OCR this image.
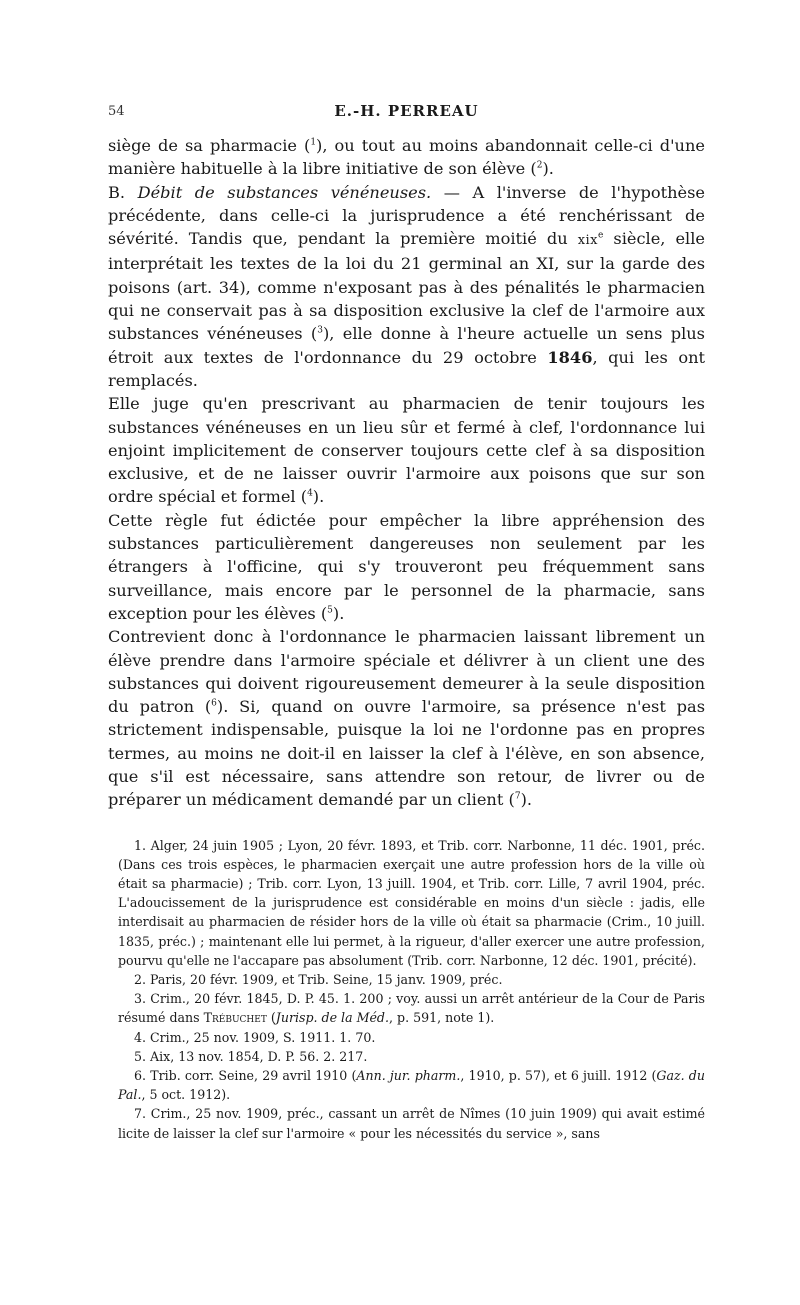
54	E.-H. PERREAU

siège de sa pharmacie ($^1$), ou tout au moins abandonnait celle-ci d'une manière habituelle à la libre initiative de son élève ($^2$).

B. Débit de substances vénéneuses. — A l'inverse de l'hypothèse précédente, dans celle-ci la jurisprudence a été renchérissant de sévérité. Tandis que, pendant la première moitié du xix$^e$ siècle, elle interprétait les textes de la loi du 21 germinal an XI, sur la garde des poisons (art. 34), comme n'exposant pas à des pénalités le pharmacien qui ne conservait pas à sa disposition exclusive la clef de l'armoire aux substances vénéneuses ($^3$), elle donne à l'heure actuelle un sens plus étroit aux textes de l'ordonnance du 29 octobre 1846, qui les ont remplacés.

Elle juge qu'en prescrivant au pharmacien de tenir toujours les substances vénéneuses en un lieu sûr et fermé à clef, l'ordonnance lui enjoint implicitement de conserver toujours cette clef à sa disposition exclusive, et de ne laisser ouvrir l'armoire aux poisons que sur son ordre spécial et formel ($^4$).

Cette règle fut édictée pour empêcher la libre appréhension des substances particulièrement dangereuses non seulement par les étrangers à l'officine, qui s'y trouveront peu fréquemment sans surveillance, mais encore par le personnel de la pharmacie, sans exception pour les élèves ($^5$).

Contrevient donc à l'ordonnance le pharmacien laissant librement un élève prendre dans l'armoire spéciale et délivrer à un client une des substances qui doivent rigoureusement demeurer à la seule disposition du patron ($^6$). Si, quand on ouvre l'armoire, sa présence n'est pas strictement indispensable, puisque la loi ne l'ordonne pas en propres termes, au moins ne doit-il en laisser la clef à l'élève, en son absence, que s'il est nécessaire, sans attendre son retour, de livrer ou de préparer un médicament demandé par un client ($^7$).

1. Alger, 24 juin 1905 ; Lyon, 20 févr. 1893, et Trib. corr. Narbonne, 11 déc. 1901, préc. (Dans ces trois espèces, le pharmacien exerçait une autre profession hors de la ville où était sa pharmacie) ; Trib. corr. Lyon, 13 juill. 1904, et Trib. corr. Lille, 7 avril 1904, préc. L'adoucissement de la jurisprudence est considérable en moins d'un siècle : jadis, elle interdisait au pharmacien de résider hors de la ville où était sa pharmacie (Crim., 10 juill. 1835, préc.) ; maintenant elle lui permet, à la rigueur, d'aller exercer une autre profession, pourvu qu'elle ne l'accapare pas absolument (Trib. corr. Narbonne, 12 déc. 1901, précité).

2. Paris, 20 févr. 1909, et Trib. Seine, 15 janv. 1909, préc.

3. Crim., 20 févr. 1845, D. P. 45. 1. 200 ; voy. aussi un arrêt antérieur de la Cour de Paris résumé dans Trébuchet (Jurisp. de la Méd., p. 591, note 1).

4. Crim., 25 nov. 1909, S. 1911. 1. 70.

5. Aix, 13 nov. 1854, D. P. 56. 2. 217.

6. Trib. corr. Seine, 29 avril 1910 (Ann. jur. pharm., 1910, p. 57), et 6 juill. 1912 (Gaz. du Pal., 5 oct. 1912).

7. Crim., 25 nov. 1909, préc., cassant un arrêt de Nîmes (10 juin 1909) qui avait estimé licite de laisser la clef sur l'armoire « pour les nécessités du service », sans
